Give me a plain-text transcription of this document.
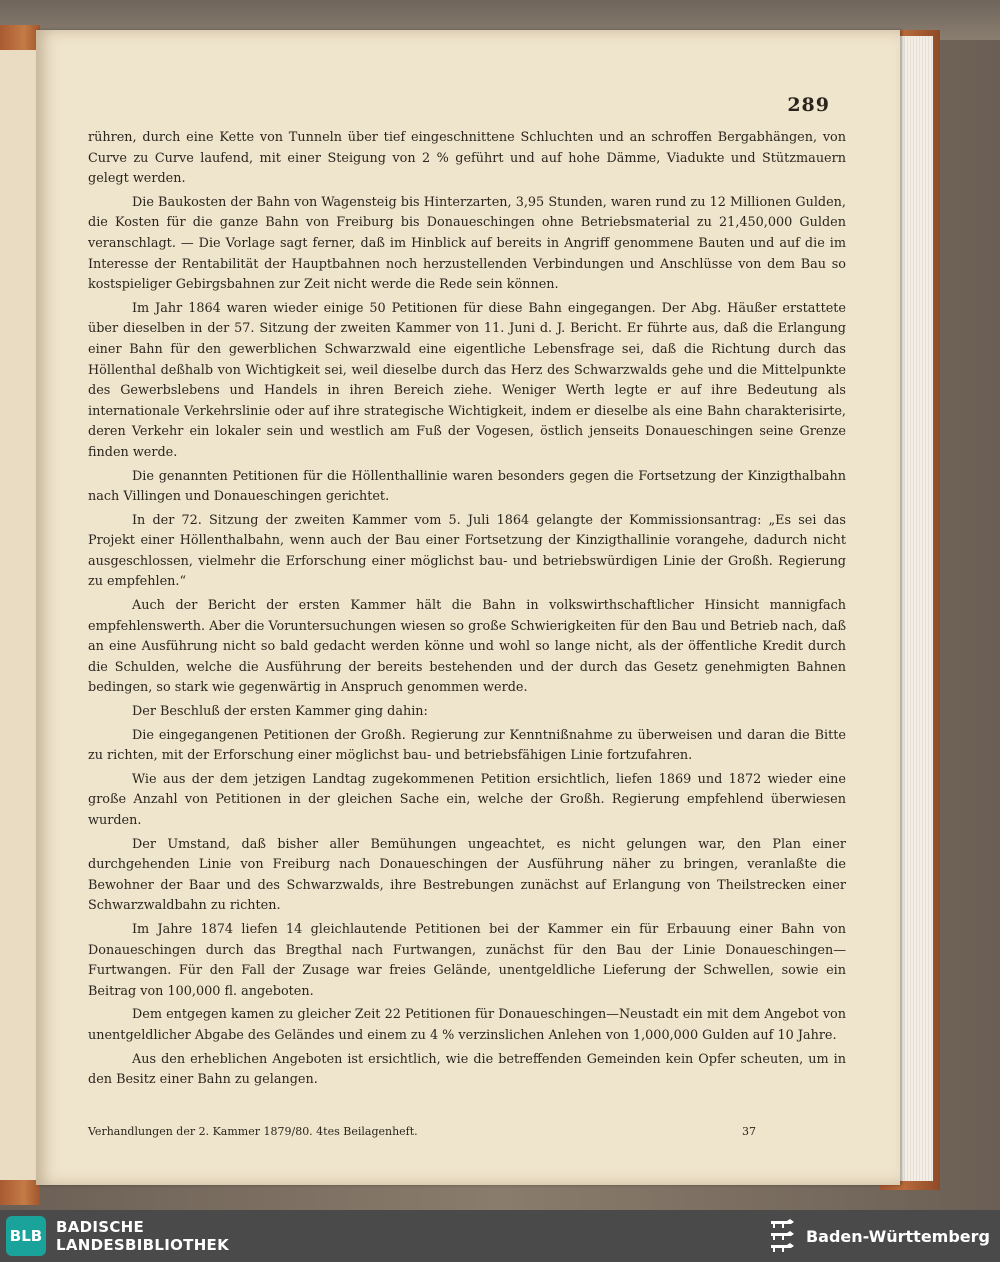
289

rühren, durch eine Kette von Tunneln über tief eingeschnittene Schluchten und an schroffen Bergabhängen, von Curve zu Curve laufend, mit einer Steigung von 2 % geführt und auf hohe Dämme, Viadukte und Stützmauern gelegt werden.

Die Baukosten der Bahn von Wagensteig bis Hinterzarten, 3,95 Stunden, waren rund zu 12 Millionen Gulden, die Kosten für die ganze Bahn von Freiburg bis Donaueschingen ohne Betriebsmaterial zu 21,450,000 Gulden veranschlagt. — Die Vorlage sagt ferner, daß im Hinblick auf bereits in Angriff genommene Bauten und auf die im Interesse der Rentabilität der Hauptbahnen noch herzustellenden Verbindungen und Anschlüsse von dem Bau so kostspieliger Gebirgsbahnen zur Zeit nicht werde die Rede sein können.

Im Jahr 1864 waren wieder einige 50 Petitionen für diese Bahn eingegangen. Der Abg. Häußer erstattete über dieselben in der 57. Sitzung der zweiten Kammer von 11. Juni d. J. Bericht. Er führte aus, daß die Erlangung einer Bahn für den gewerblichen Schwarzwald eine eigentliche Lebensfrage sei, daß die Richtung durch das Höllenthal deßhalb von Wichtigkeit sei, weil dieselbe durch das Herz des Schwarzwalds gehe und die Mittelpunkte des Gewerbslebens und Handels in ihren Bereich ziehe. Weniger Werth legte er auf ihre Bedeutung als internationale Verkehrslinie oder auf ihre strategische Wichtigkeit, indem er dieselbe als eine Bahn charakterisirte, deren Verkehr ein lokaler sein und westlich am Fuß der Vogesen, östlich jenseits Donaueschingen seine Grenze finden werde.

Die genannten Petitionen für die Höllenthallinie waren besonders gegen die Fortsetzung der Kinzigthalbahn nach Villingen und Donaueschingen gerichtet.

In der 72. Sitzung der zweiten Kammer vom 5. Juli 1864 gelangte der Kommissionsantrag: „Es sei das Projekt einer Höllenthalbahn, wenn auch der Bau einer Fortsetzung der Kinzigthallinie vorangehe, dadurch nicht ausgeschlossen, vielmehr die Erforschung einer möglichst bau- und betriebswürdigen Linie der Großh. Regierung zu empfehlen.“

Auch der Bericht der ersten Kammer hält die Bahn in volkswirthschaftlicher Hinsicht mannigfach empfehlenswerth. Aber die Voruntersuchungen wiesen so große Schwierigkeiten für den Bau und Betrieb nach, daß an eine Ausführung nicht so bald gedacht werden könne und wohl so lange nicht, als der öffentliche Kredit durch die Schulden, welche die Ausführung der bereits bestehenden und der durch das Gesetz genehmigten Bahnen bedingen, so stark wie gegenwärtig in Anspruch genommen werde.

Der Beschluß der ersten Kammer ging dahin:

Die eingegangenen Petitionen der Großh. Regierung zur Kenntnißnahme zu überweisen und daran die Bitte zu richten, mit der Erforschung einer möglichst bau- und betriebsfähigen Linie fortzufahren.

Wie aus der dem jetzigen Landtag zugekommenen Petition ersichtlich, liefen 1869 und 1872 wieder eine große Anzahl von Petitionen in der gleichen Sache ein, welche der Großh. Regierung empfehlend überwiesen wurden.

Der Umstand, daß bisher aller Bemühungen ungeachtet, es nicht gelungen war, den Plan einer durchgehenden Linie von Freiburg nach Donaueschingen der Ausführung näher zu bringen, veranlaßte die Bewohner der Baar und des Schwarzwalds, ihre Bestrebungen zunächst auf Erlangung von Theilstrecken einer Schwarzwaldbahn zu richten.

Im Jahre 1874 liefen 14 gleichlautende Petitionen bei der Kammer ein für Erbauung einer Bahn von Donaueschingen durch das Bregthal nach Furtwangen, zunächst für den Bau der Linie Donaueschingen—Furtwangen. Für den Fall der Zusage war freies Gelände, unentgeldliche Lieferung der Schwellen, sowie ein Beitrag von 100,000 fl. angeboten.

Dem entgegen kamen zu gleicher Zeit 22 Petitionen für Donaueschingen—Neustadt ein mit dem Angebot von unentgeldlicher Abgabe des Geländes und einem zu 4 % verzinslichen Anlehen von 1,000,000 Gulden auf 10 Jahre.

Aus den erheblichen Angeboten ist ersichtlich, wie die betreffenden Gemeinden kein Opfer scheuten, um in den Besitz einer Bahn zu gelangen.

Verhandlungen der 2. Kammer 1879/80. 4tes Beilagenheft.	37
BLB BADISCHE
LANDESBIBLIOTHEK	Baden-Württemberg
